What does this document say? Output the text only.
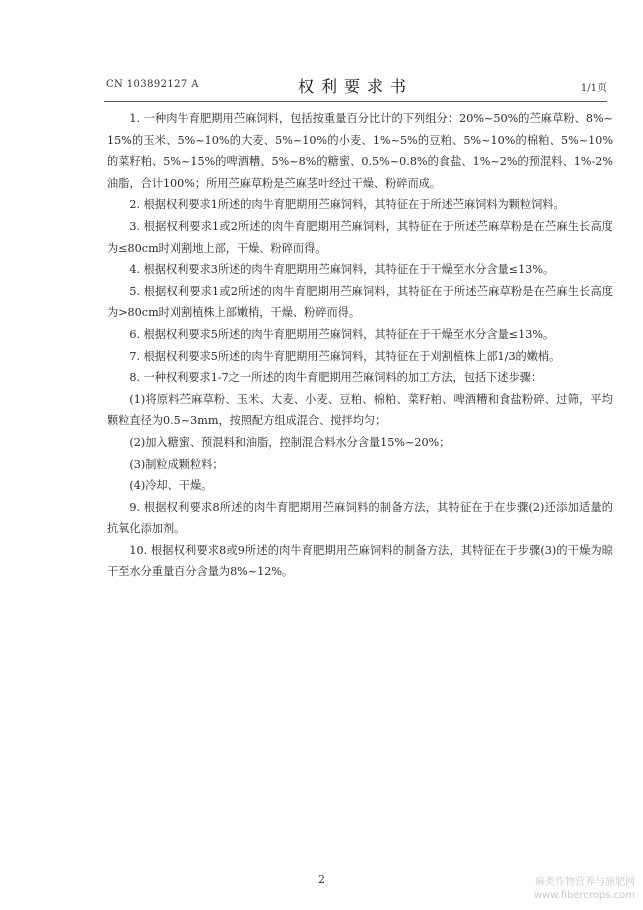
CN 103892127 A	权利要求书	1/1页

1. 一种肉牛育肥期用苎麻饲料，包括按重量百分比计的下列组分：20%~50%的苎麻草粉、8%~15%的玉米、5%~10%的大麦、5%~10%的小麦、1%~5%的豆粕、5%~10%的棉粕、5%~10%的菜籽粕、5%~15%的啤酒糟、5%~8%的糖蜜、0.5%~0.8%的食盐、1%~2%的预混料、1%-2%油脂，合计100%；所用苎麻草粉是苎麻茎叶经过干燥、粉碎而成。

2. 根据权利要求1所述的肉牛育肥期用苎麻饲料，其特征在于所述苎麻饲料为颗粒饲料。

3. 根据权利要求1或2所述的肉牛育肥期用苎麻饲料，其特征在于所述苎麻草粉是在苎麻生长高度为≤80cm时刈割地上部，干燥、粉碎而得。

4. 根据权利要求3所述的肉牛育肥期用苎麻饲料，其特征在于干燥至水分含量≤13%。

5. 根据权利要求1或2所述的肉牛育肥期用苎麻饲料，其特征在于所述苎麻草粉是在苎麻生长高度为>80cm时刈割植株上部嫩梢，干燥、粉碎而得。

6. 根据权利要求5所述的肉牛育肥期用苎麻饲料，其特征在于干燥至水分含量≤13%。

7. 根据权利要求5所述的肉牛育肥期用苎麻饲料，其特征在于刈割植株上部1/3的嫩梢。

8. 一种权利要求1-7之一所述的肉牛育肥期用苎麻饲料的加工方法，包括下述步骤：

(1)将原料苎麻草粉、玉米、大麦、小麦、豆粕、棉粕、菜籽粕、啤酒糟和食盐粉碎、过筛，平均颗粒直径为0.5~3mm，按照配方组成混合、搅拌均匀；

(2)加入糖蜜、预混料和油脂，控制混合料水分含量15%~20%；

(3)制粒成颗粒料；

(4)冷却、干燥。

9. 根据权利要求8所述的肉牛育肥期用苎麻饲料的制备方法，其特征在于在步骤(2)还添加适量的抗氧化添加剂。

10. 根据权利要求8或9所述的肉牛育肥期用苎麻饲料的制备方法，其特征在于步骤(3)的干燥为晾干至水分重量百分含量为8%~12%。

2	麻类作物营养与施肥网
www.fibercrops.com
